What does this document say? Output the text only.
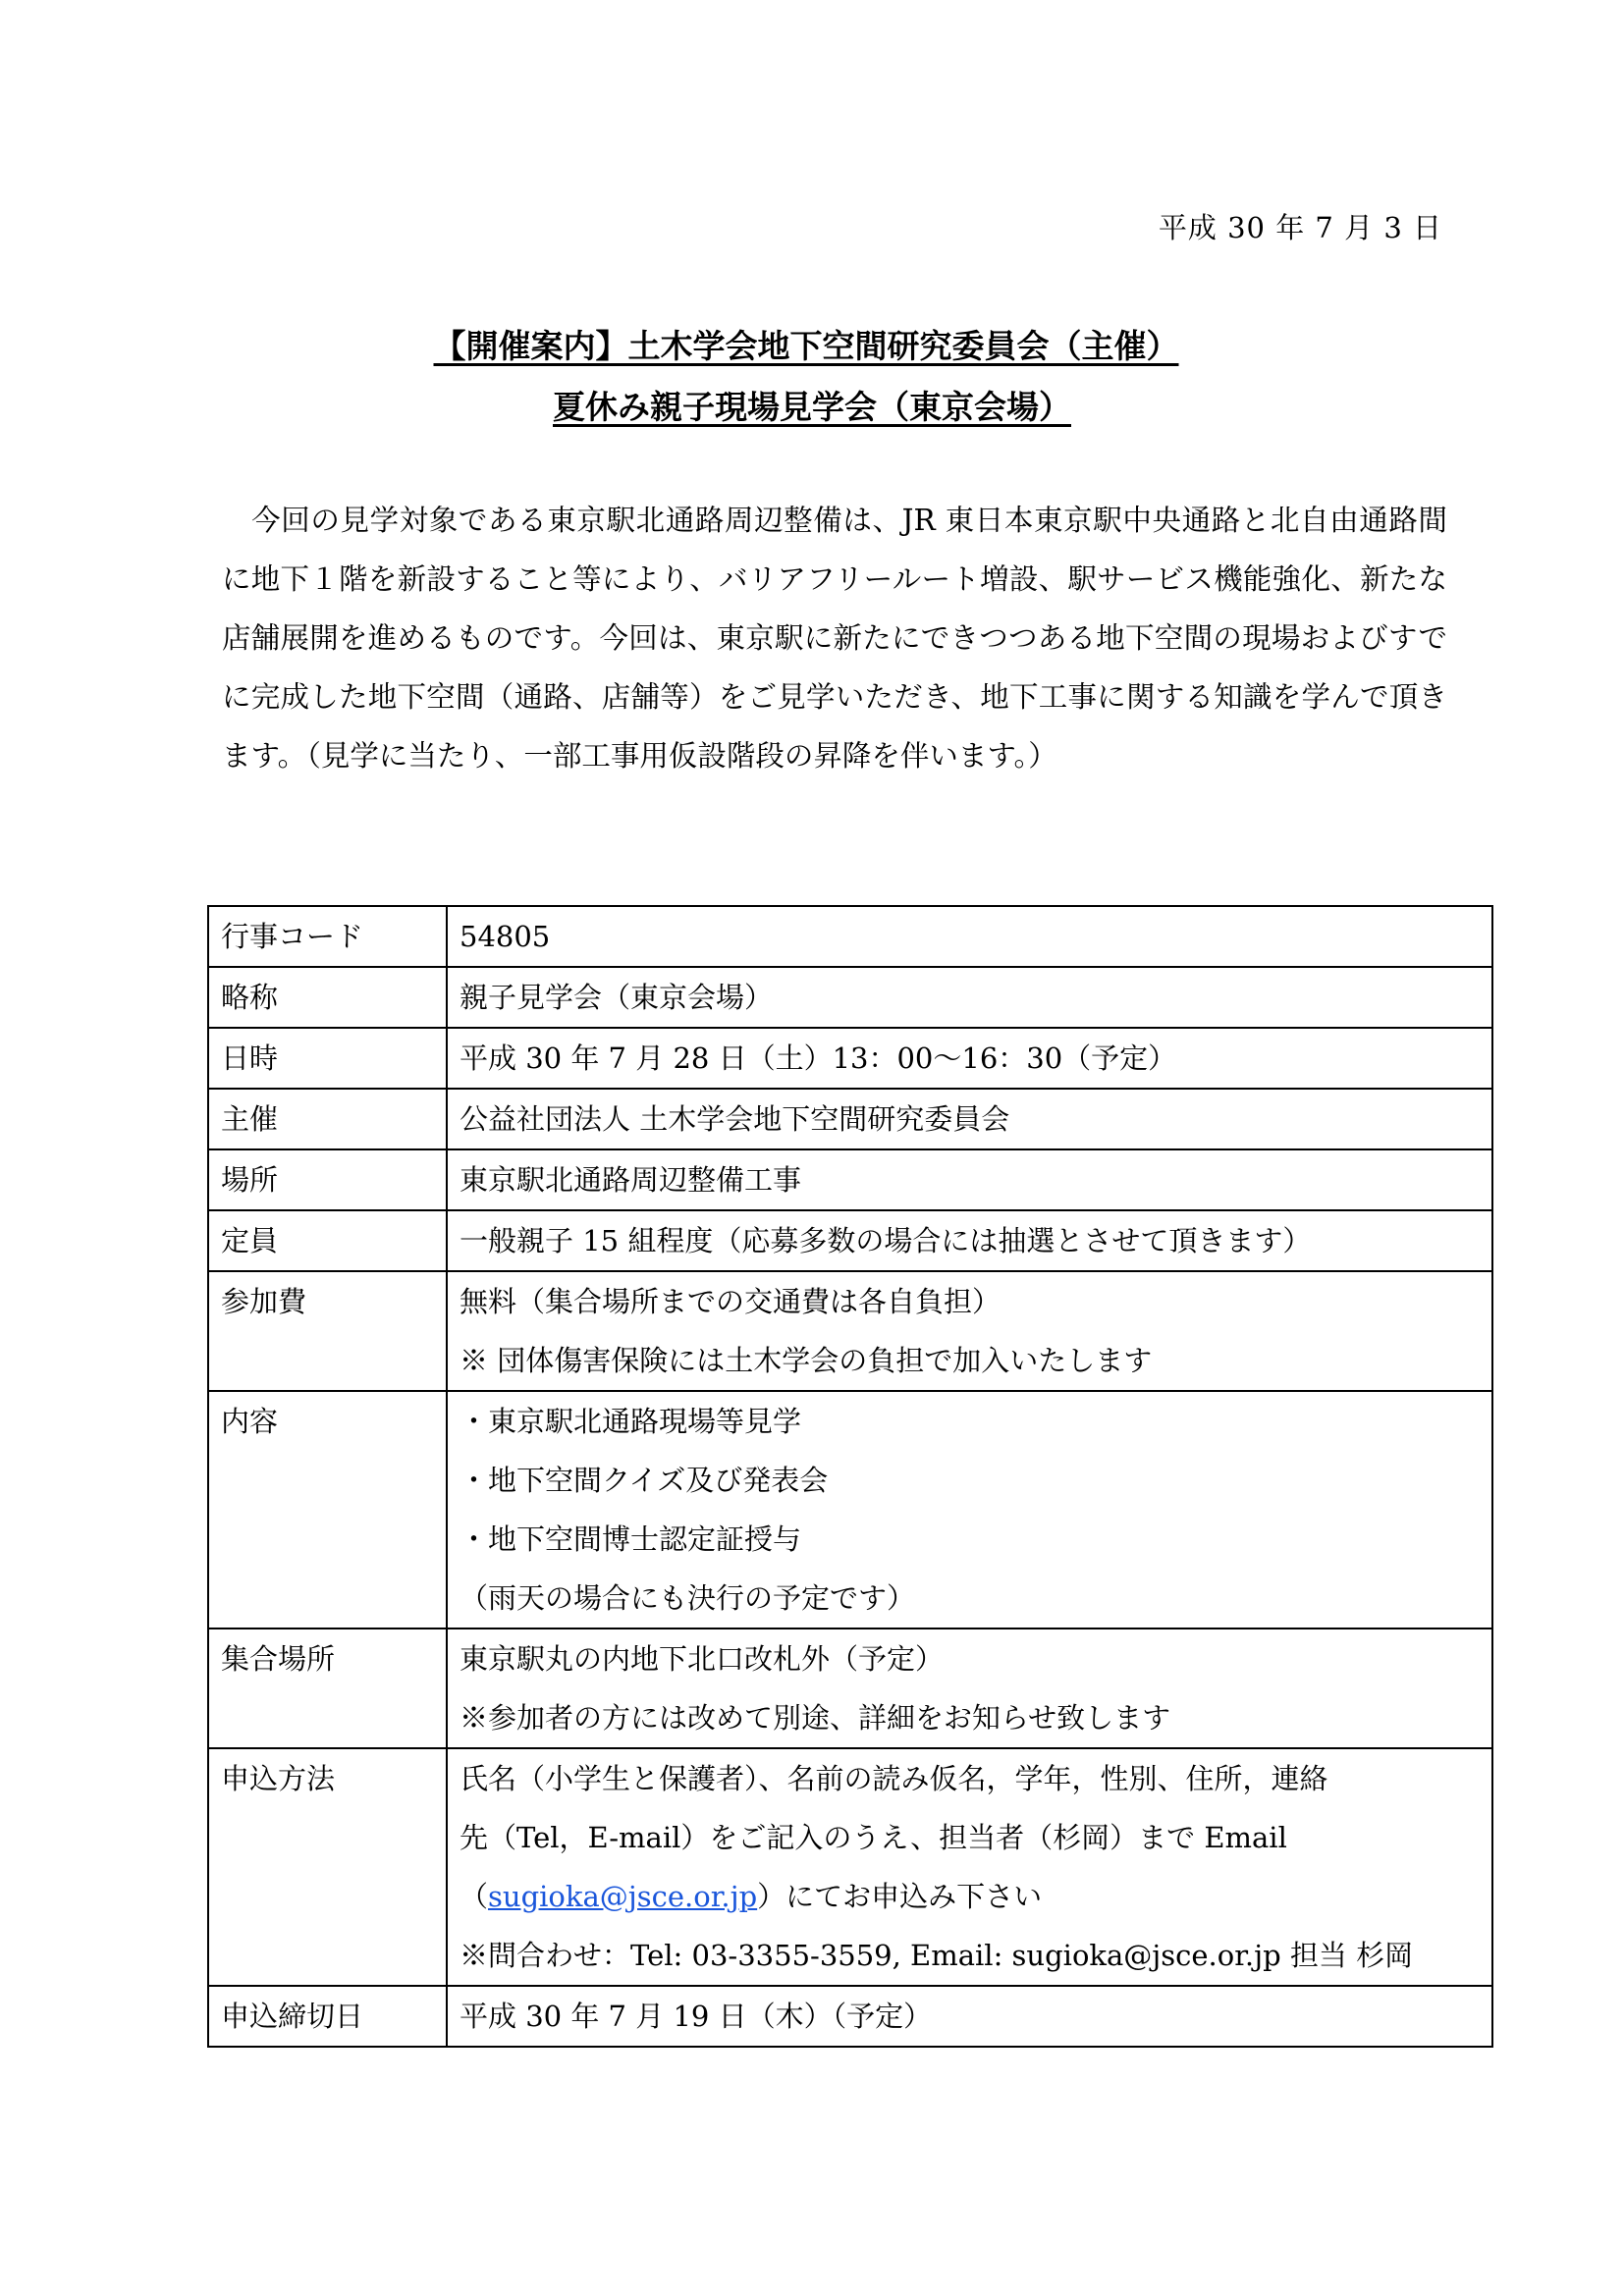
平成 30 年 7 月 3 日
【開催案内】土木学会地下空間研究委員会（主催）
夏休み親子現場見学会（東京会場）

　今回の見学対象である東京駅北通路周辺整備は、JR 東日本東京駅中央通路と北自由通路間に地下１階を新設すること等により、バリアフリールート増設、駅サービス機能強化、新たな店舗展開を進めるものです。今回は、東京駅に新たにできつつある地下空間の現場およびすでに完成した地下空間（通路、店舗等）をご見学いただき、地下工事に関する知識を学んで頂きます。（見学に当たり、一部工事用仮設階段の昇降を伴います。）

行事コード	54805

略称	親子見学会（東京会場）

日時	平成 30 年 7 月 28 日（土）13：00～16：30（予定）

主催	公益社団法人 土木学会地下空間研究委員会

場所	東京駅北通路周辺整備工事

定員	一般親子 15 組程度（応募多数の場合には抽選とさせて頂きます）

参加費	無料（集合場所までの交通費は各自負担）
※ 団体傷害保険には土木学会の負担で加入いたします

内容	・東京駅北通路現場等見学
・地下空間クイズ及び発表会
・地下空間博士認定証授与
（雨天の場合にも決行の予定です）

集合場所	東京駅丸の内地下北口改札外（予定）
※参加者の方には改めて別途、詳細をお知らせ致します

申込方法	氏名（小学生と保護者）、名前の読み仮名，学年，性別、住所，連絡
先（Tel，E-mail）をご記入のうえ、担当者（杉岡）まで Email
（sugioka@jsce.or.jp）にてお申込み下さい
※問合わせ：Tel: 03-3355-3559, Email: sugioka@jsce.or.jp 担当 杉岡

申込締切日	平成 30 年 7 月 19 日（木）（予定）
